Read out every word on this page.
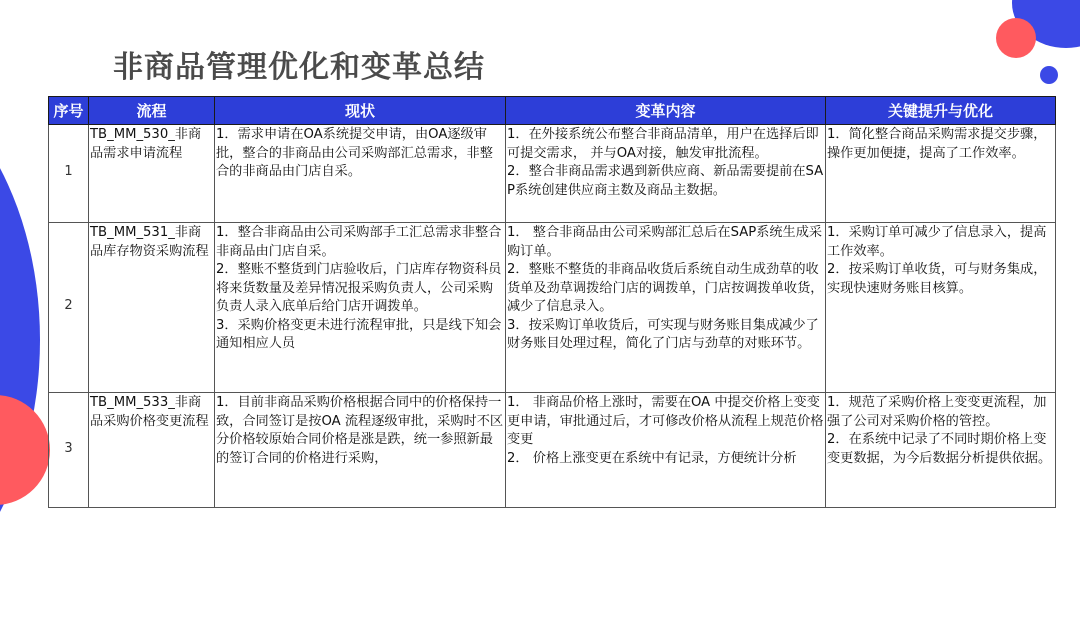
非商品管理优化和变革总结
序号	流程	现状	变革内容	关键提升与优化
1	TB_MM_530_非商品需求申请流程	1．需求申请在OA系统提交申请，由OA逐级审批，整合的非商品由公司采购部汇总需求，非整合的非商品由门店自采。	1．在外接系统公布整合非商品清单，用户在选择后即可提交需求， 并与OA对接，触发审批流程。
2．整合非商品需求遇到新供应商、新品需要提前在SAP系统创建供应商主数及商品主数据。	1．简化整合商品采购需求提交步骤，操作更加便捷，提高了工作效率。

2	TB_MM_531_非商品库存物资采购流程	1．整合非商品由公司采购部手工汇总需求非整合非商品由门店自采。
2．整账不整货到门店验收后，门店库存物资科员将来货数量及差异情况报采购负责人，公司采购负责人录入底单后给门店开调拨单。
3．采购价格变更未进行流程审批，只是线下知会通知相应人员	1． 整合非商品由公司采购部汇总后在SAP系统生成采购订单。
2．整账不整货的非商品收货后系统自动生成劲草的收货单及劲草调拨给门店的调拨单，门店按调拨单收货，减少了信息录入。
3．按采购订单收货后，可实现与财务账目集成减少了财务账目处理过程，简化了门店与劲草的对账环节。	1．采购订单可减少了信息录入，提高工作效率。
2．按采购订单收货，可与财务集成，实现快速财务账目核算。

3	TB_MM_533_非商品采购价格变更流程	1．目前非商品采购价格根据合同中的价格保持一致，合同签订是按OA 流程逐级审批，采购时不区分价格较原始合同价格是涨是跌，统一参照新最的签订合同的价格进行采购，	1． 非商品价格上涨时，需要在OA 中提交价格上变变更申请，审批通过后，才可修改价格从流程上规范价格变更
2． 价格上涨变更在系统中有记录，方便统计分析	1．规范了采购价格上变变更流程，加强了公司对采购价格的管控。
2．在系统中记录了不同时期价格上变变更数据，为今后数据分析提供依据。
